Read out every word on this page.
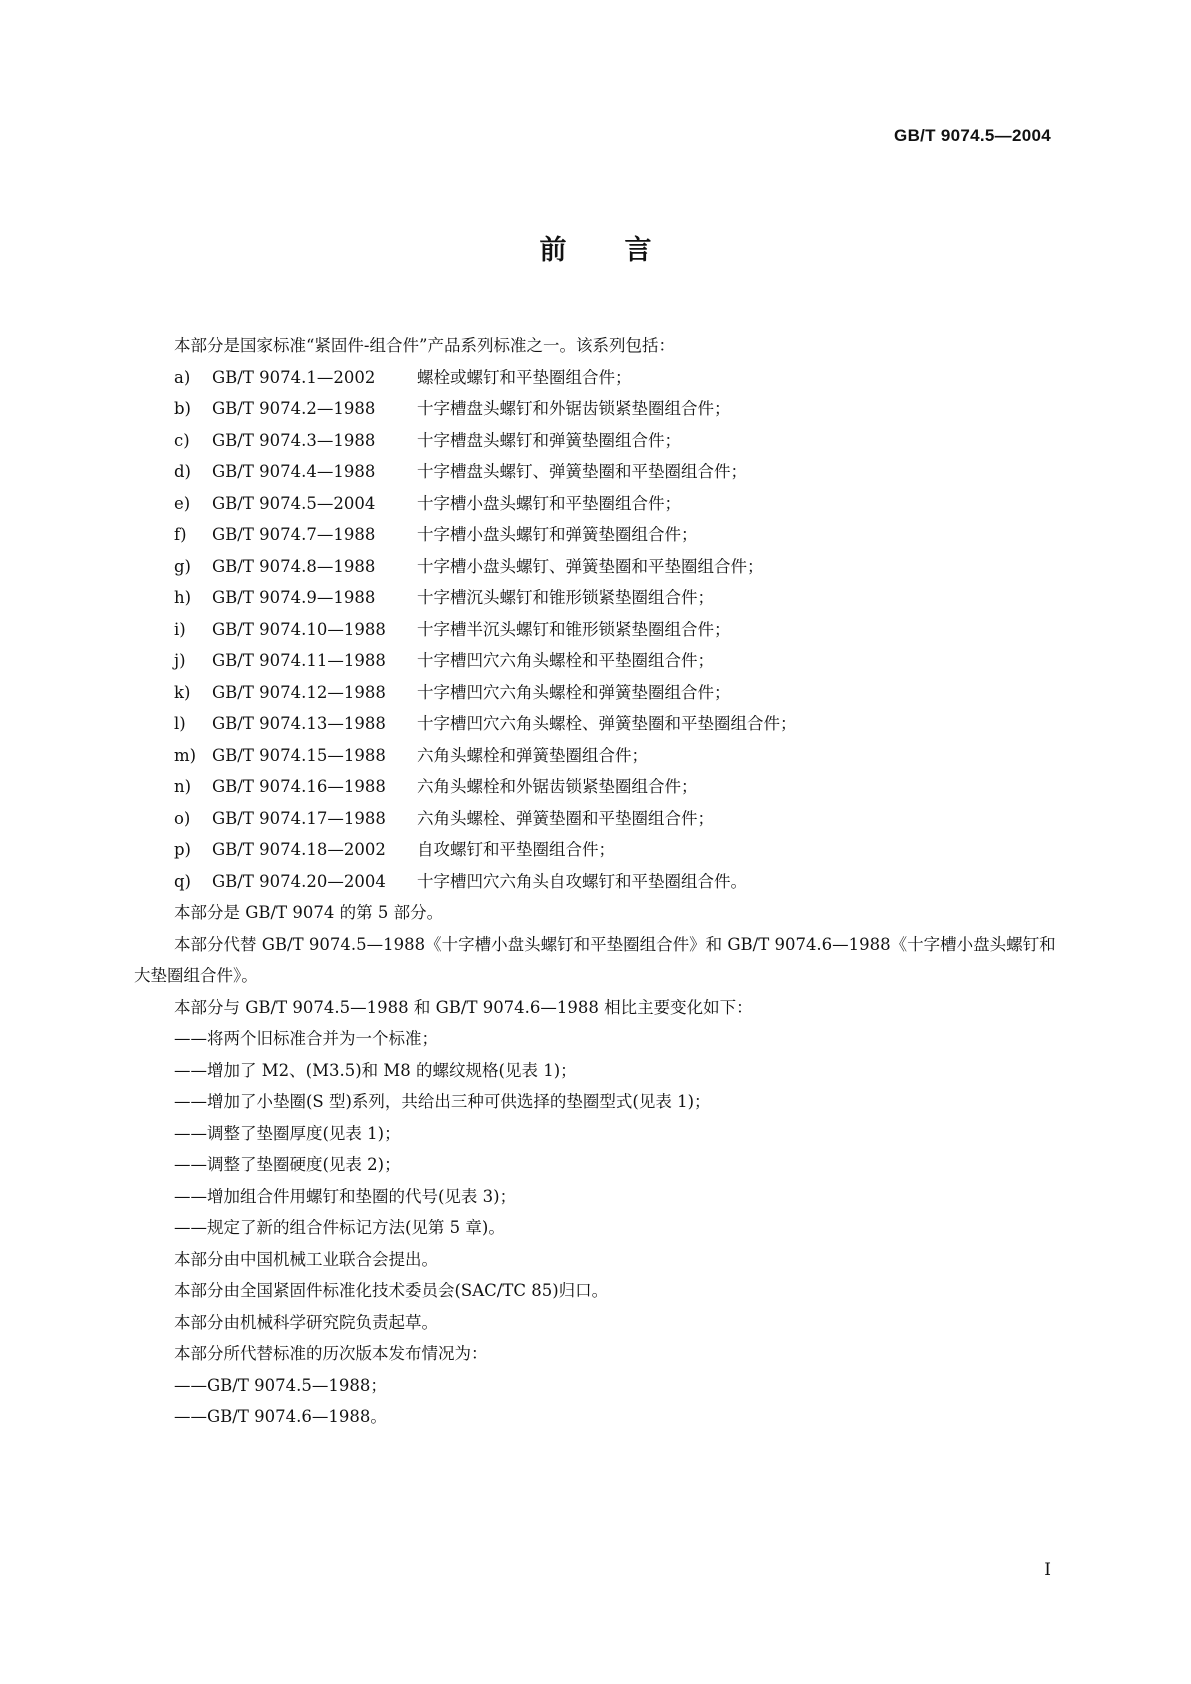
GB/T 9074.5—2004
前言
本部分是国家标准“紧固件-组合件”产品系列标准之一。该系列包括：
a) GB/T 9074.1—2002	螺栓或螺钉和平垫圈组合件；
b) GB/T 9074.2—1988	十字槽盘头螺钉和外锯齿锁紧垫圈组合件；
c) GB/T 9074.3—1988	十字槽盘头螺钉和弹簧垫圈组合件；
d) GB/T 9074.4—1988	十字槽盘头螺钉、弹簧垫圈和平垫圈组合件；
e) GB/T 9074.5—2004	十字槽小盘头螺钉和平垫圈组合件；
f) GB/T 9074.7—1988	十字槽小盘头螺钉和弹簧垫圈组合件；
g) GB/T 9074.8—1988	十字槽小盘头螺钉、弹簧垫圈和平垫圈组合件；
h) GB/T 9074.9—1988	十字槽沉头螺钉和锥形锁紧垫圈组合件；
i) GB/T 9074.10—1988 十字槽半沉头螺钉和锥形锁紧垫圈组合件；
j) GB/T 9074.11—1988 十字槽凹穴六角头螺栓和平垫圈组合件；
k) GB/T 9074.12—1988 十字槽凹穴六角头螺栓和弹簧垫圈组合件；
l) GB/T 9074.13—1988 十字槽凹穴六角头螺栓、弹簧垫圈和平垫圈组合件；
m) GB/T 9074.15—1988 六角头螺栓和弹簧垫圈组合件；
n) GB/T 9074.16—1988 六角头螺栓和外锯齿锁紧垫圈组合件；
o) GB/T 9074.17—1988 六角头螺栓、弹簧垫圈和平垫圈组合件；
p) GB/T 9074.18—2002 自攻螺钉和平垫圈组合件；
q) GB/T 9074.20—2004 十字槽凹穴六角头自攻螺钉和平垫圈组合件。
本部分是 GB/T 9074 的第 5 部分。
本部分代替 GB/T 9074.5—1988《十字槽小盘头螺钉和平垫圈组合件》和 GB/T 9074.6—1988《十字槽小盘头螺钉和大垫圈组合件》。
本部分与 GB/T 9074.5—1988 和 GB/T 9074.6—1988 相比主要变化如下：
——将两个旧标准合并为一个标准；
——增加了 M2、(M3.5)和 M8 的螺纹规格(见表 1)；
——增加了小垫圈(S 型)系列，共给出三种可供选择的垫圈型式(见表 1)；
——调整了垫圈厚度(见表 1)；
——调整了垫圈硬度(见表 2)；
——增加组合件用螺钉和垫圈的代号(见表 3)；
——规定了新的组合件标记方法(见第 5 章)。
本部分由中国机械工业联合会提出。
本部分由全国紧固件标准化技术委员会(SAC/TC 85)归口。
本部分由机械科学研究院负责起草。
本部分所代替标准的历次版本发布情况为：
——GB/T 9074.5—1988；
——GB/T 9074.6—1988。
I
